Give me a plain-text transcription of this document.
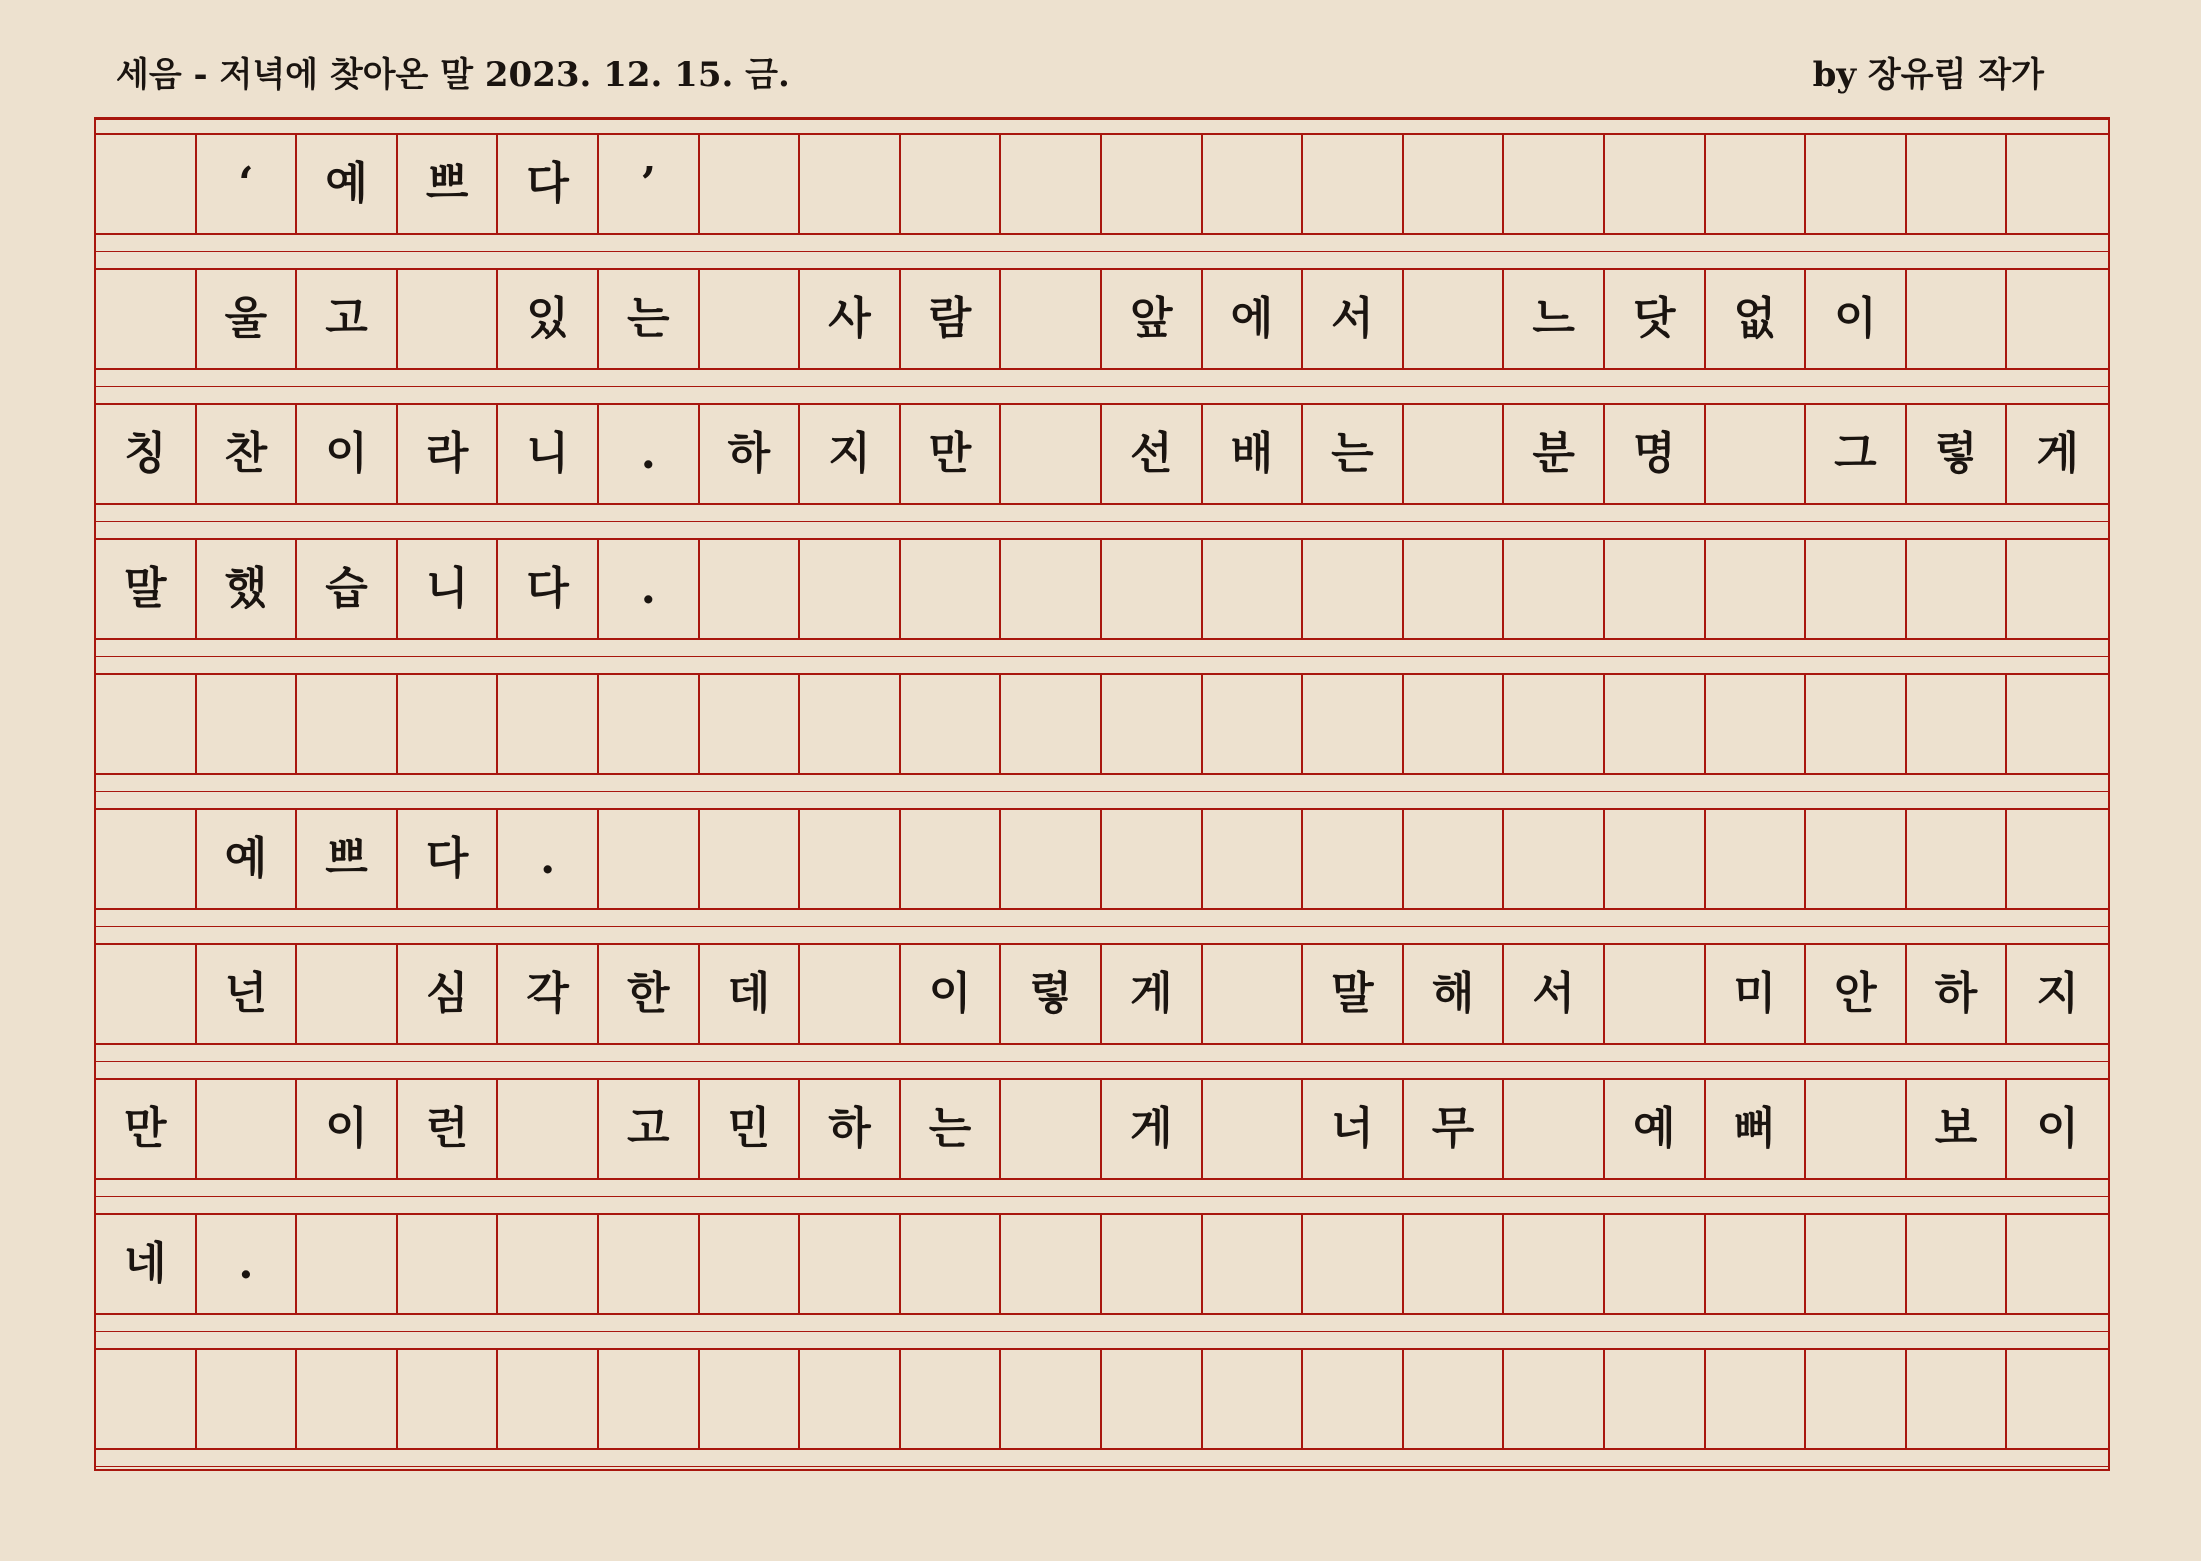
세음 - 저녁에 찾아온 말 2023. 12. 15. 금.	by 장유림 작가
‘	예	쁘	다	’
울	고	있	는	사	람	앞	에	서	느	닷	없	이
칭	찬	이	라	니	.	하	지	만	선	배	는	분	명	그	렇	게
말	했	습	니	다	.
예	쁘	다	.
넌	심	각	한	데	이	렇	게	말	해	서	미	안	하	지
만	이	런	고	민	하	는	게	너	무	예	뻐	보	이
네	.
